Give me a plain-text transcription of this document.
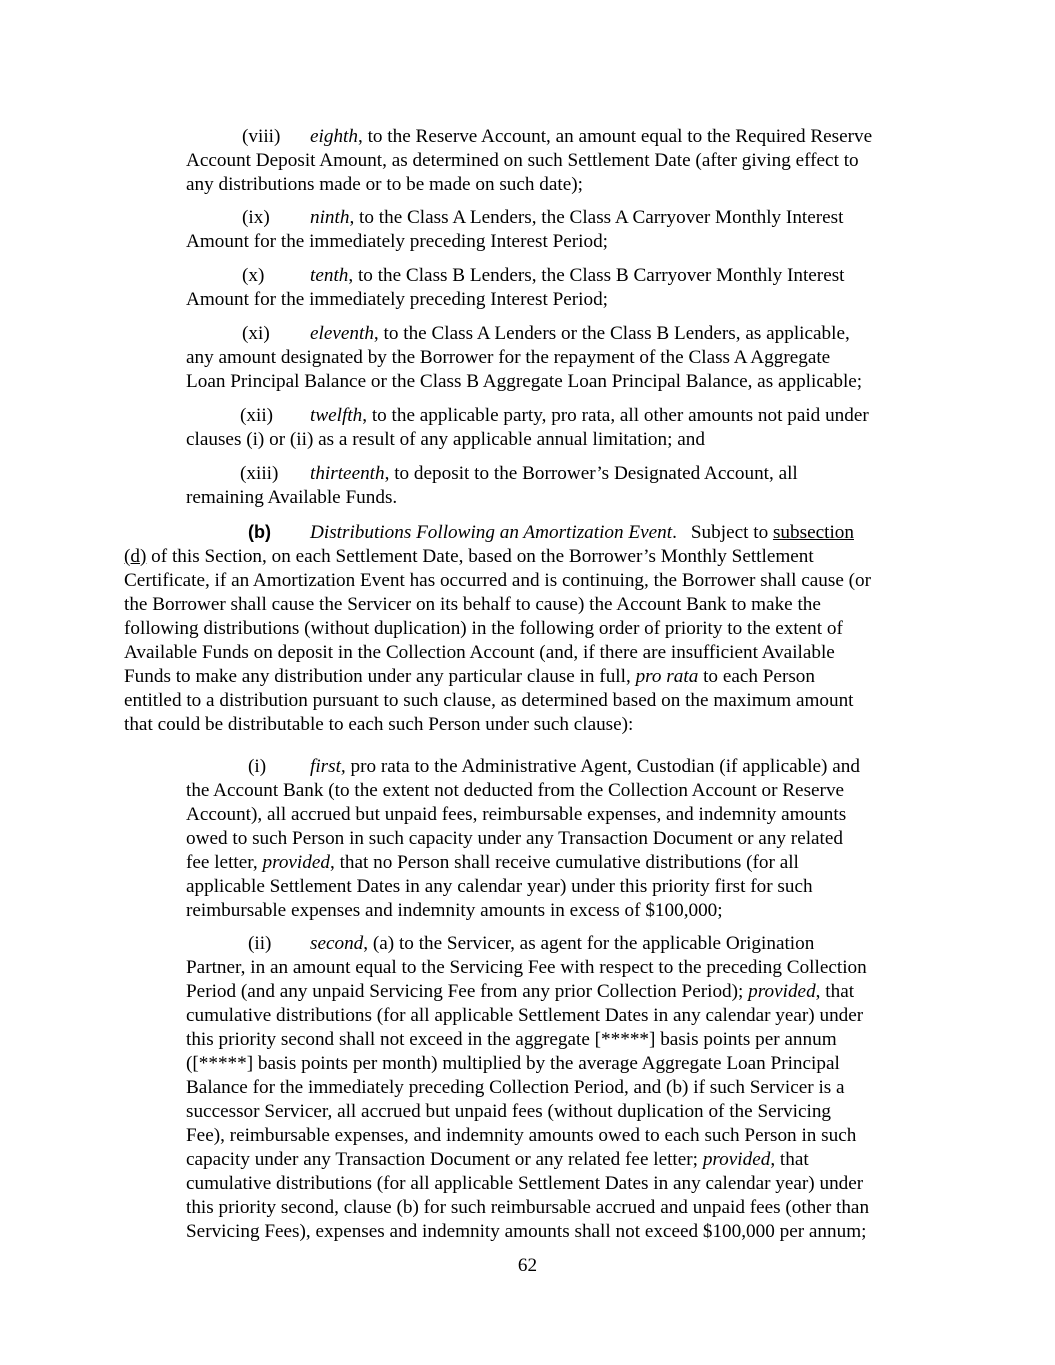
(viii) eighth, to the Reserve Account, an amount equal to the Required Reserve
Account Deposit Amount, as determined on such Settlement Date (after giving effect to
any distributions made or to be made on such date);

(ix) ninth, to the Class A Lenders, the Class A Carryover Monthly Interest
Amount for the immediately preceding Interest Period;

(x) tenth, to the Class B Lenders, the Class B Carryover Monthly Interest
Amount for the immediately preceding Interest Period;

(xi) eleventh, to the Class A Lenders or the Class B Lenders, as applicable,
any amount designated by the Borrower for the repayment of the Class A Aggregate
Loan Principal Balance or the Class B Aggregate Loan Principal Balance, as applicable;

(xii) twelfth, to the applicable party, pro rata, all other amounts not paid under
clauses (i) or (ii) as a result of any applicable annual limitation; and

(xiii) thirteenth, to deposit to the Borrower’s Designated Account, all
remaining Available Funds.

(b) Distributions Following an Amortization Event. Subject to subsection
(d) of this Section, on each Settlement Date, based on the Borrower’s Monthly Settlement
Certificate, if an Amortization Event has occurred and is continuing, the Borrower shall cause (or
the Borrower shall cause the Servicer on its behalf to cause) the Account Bank to make the
following distributions (without duplication) in the following order of priority to the extent of
Available Funds on deposit in the Collection Account (and, if there are insufficient Available
Funds to make any distribution under any particular clause in full, pro rata to each Person
entitled to a distribution pursuant to such clause, as determined based on the maximum amount
that could be distributable to each such Person under such clause):

(i) first, pro rata to the Administrative Agent, Custodian (if applicable) and
the Account Bank (to the extent not deducted from the Collection Account or Reserve
Account), all accrued but unpaid fees, reimbursable expenses, and indemnity amounts
owed to such Person in such capacity under any Transaction Document or any related
fee letter, provided, that no Person shall receive cumulative distributions (for all
applicable Settlement Dates in any calendar year) under this priority first for such
reimbursable expenses and indemnity amounts in excess of $100,000;

(ii) second, (a) to the Servicer, as agent for the applicable Origination
Partner, in an amount equal to the Servicing Fee with respect to the preceding Collection
Period (and any unpaid Servicing Fee from any prior Collection Period); provided, that
cumulative distributions (for all applicable Settlement Dates in any calendar year) under
this priority second shall not exceed in the aggregate [*****] basis points per annum
([*****] basis points per month) multiplied by the average Aggregate Loan Principal
Balance for the immediately preceding Collection Period, and (b) if such Servicer is a
successor Servicer, all accrued but unpaid fees (without duplication of the Servicing
Fee), reimbursable expenses, and indemnity amounts owed to each such Person in such
capacity under any Transaction Document or any related fee letter; provided, that
cumulative distributions (for all applicable Settlement Dates in any calendar year) under
this priority second, clause (b) for such reimbursable accrued and unpaid fees (other than
Servicing Fees), expenses and indemnity amounts shall not exceed $100,000 per annum;

62
